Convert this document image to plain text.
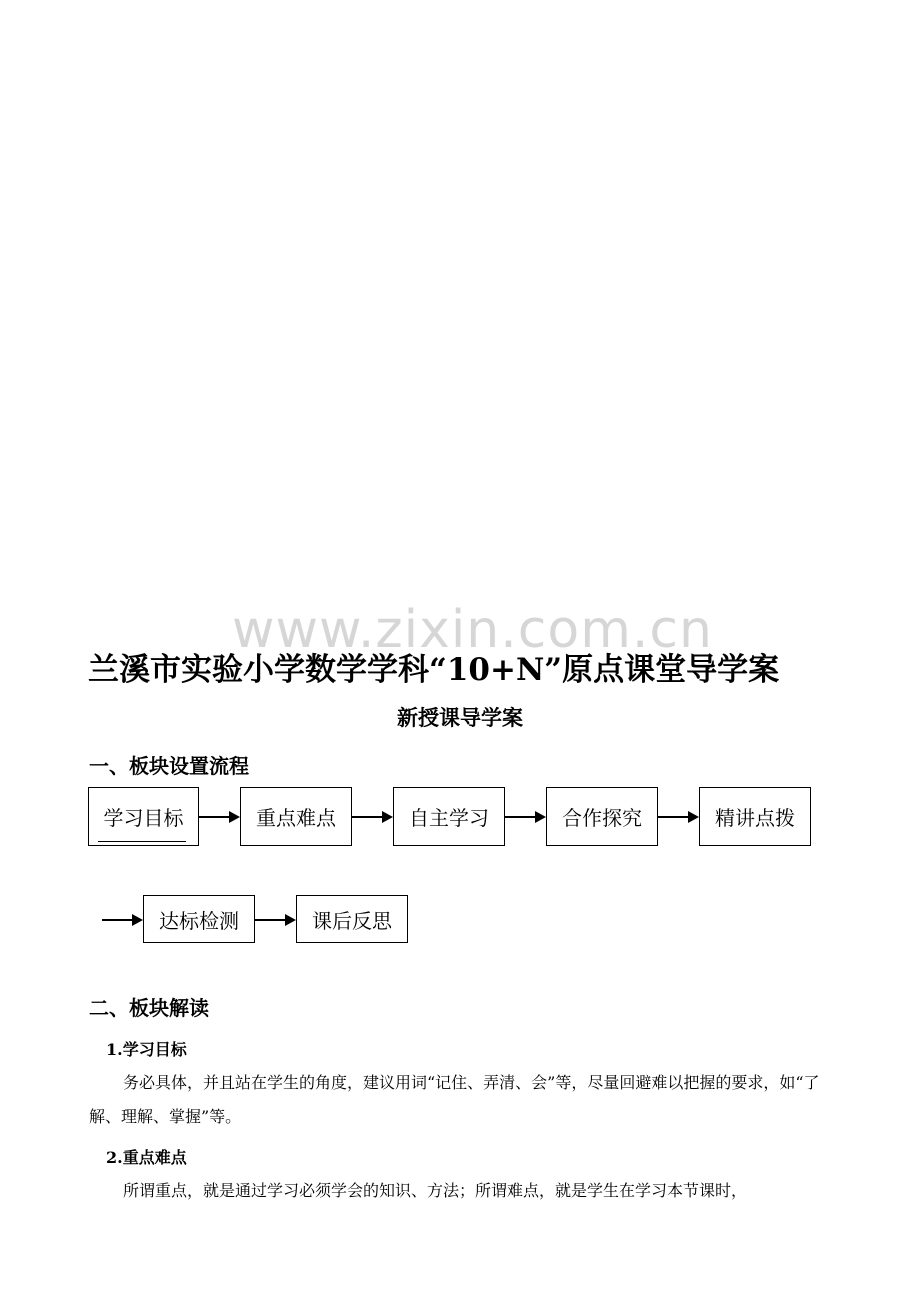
www.zixin.com.cn
兰溪市实验小学数学学科“10+N”原点课堂导学案
新授课导学案
一、板块设置流程
学习目标	重点难点	自主学习	合作探究	精讲点拨
达标检测	课后反思
二、板块解读
1.学习目标
务必具体，并且站在学生的角度，建议用词“记住、弄清、会”等，尽量回避难以把握的要求，如“了解、理解、掌握”等。
2.重点难点
所谓重点，就是通过学习必须学会的知识、方法；所谓难点，就是学生在学习本节课时，
